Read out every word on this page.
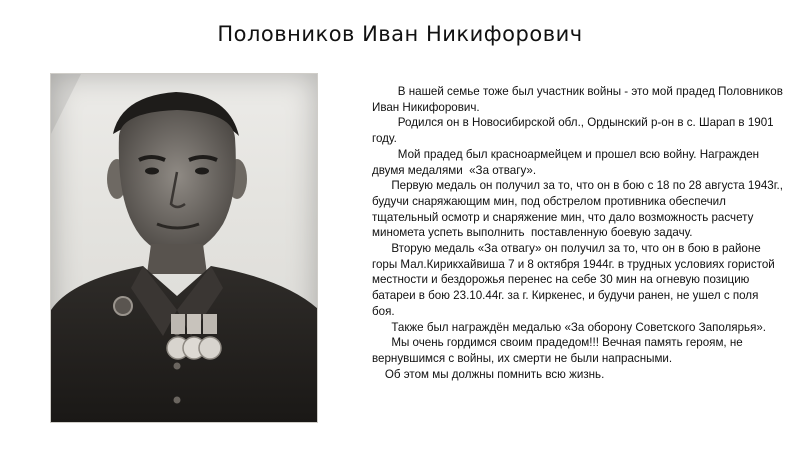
Половников Иван Никифорович

В нашей семье тоже был участник войны - это мой прадед Половников Иван Никифорович.

Родился он в Новосибирской обл., Ордынский р-он в с. Шарап в 1901 году.

Мой прадед был красноармейцем и прошел всю войну. Награжден двумя медалями  «За отвагу».

Первую медаль он получил за то, что он в бою с 18 по 28 августа 1943г., будучи снаряжающим мин, под обстрелом противника обеспечил тщательный осмотр и снаряжение мин, что дало возможность расчету миномета успеть выполнить  поставленную боевую задачу.

Вторую медаль «За отвагу» он получил за то, что он в бою в районе горы Мал.Кирикхайвиша 7 и 8 октября 1944г. в трудных условиях гористой местности и бездорожья перенес на себе 30 мин на огневую позицию батареи в бою 23.10.44г. за г. Киркенес, и будучи ранен, не ушел с поля боя.

Также был награждён медалью «За оборону Советского Заполярья».

Мы очень гордимся своим прадедом!!! Вечная память героям, не вернувшимся с войны, их смерти не были напрасными.

Об этом мы должны помнить всю жизнь.
